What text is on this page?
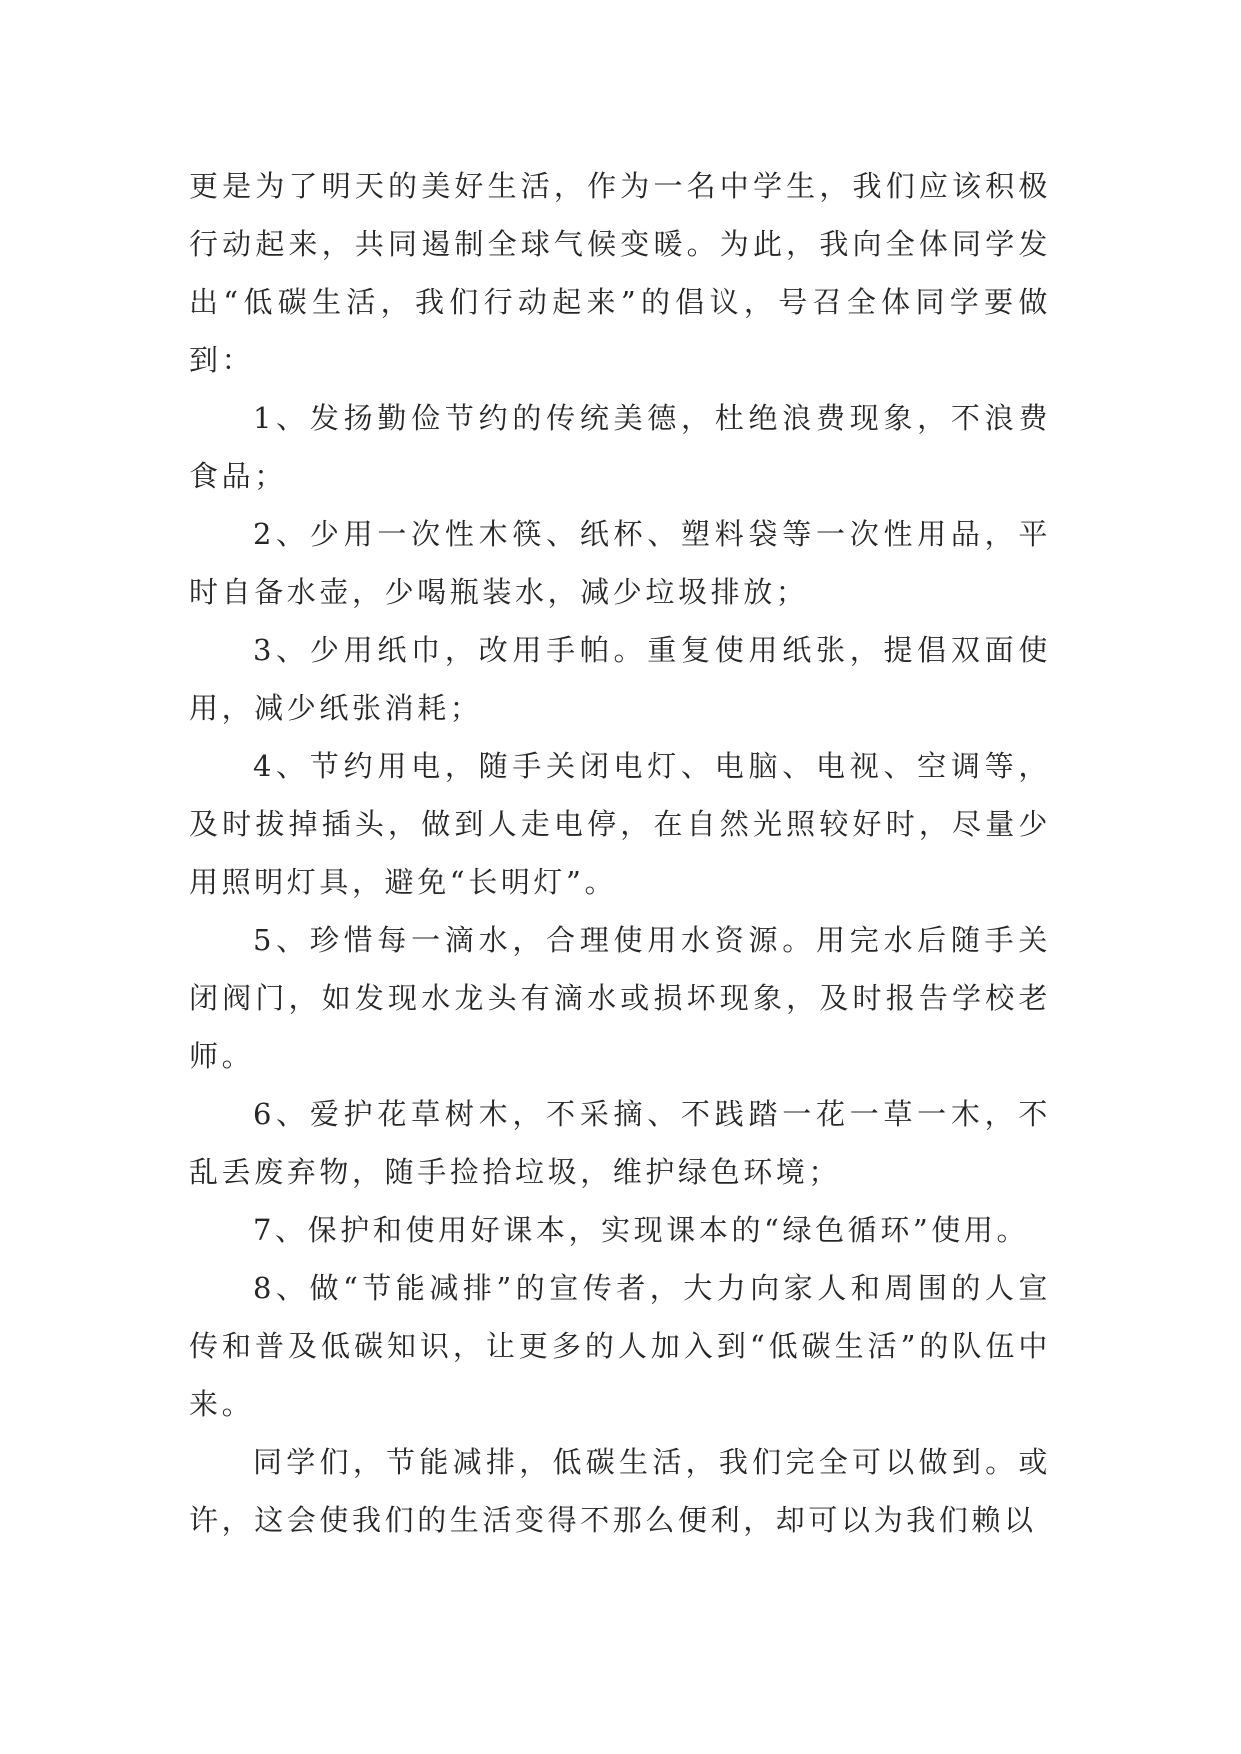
更是为了明天的美好生活，作为一名中学生，我们应该积极行动起来，共同遏制全球气候变暖。为此，我向全体同学发出“低碳生活，我们行动起来”的倡议，号召全体同学要做到：

1、发扬勤俭节约的传统美德，杜绝浪费现象，不浪费食品；

2、少用一次性木筷、纸杯、塑料袋等一次性用品，平时自备水壶，少喝瓶装水，减少垃圾排放；

3、少用纸巾，改用手帕。重复使用纸张，提倡双面使用，减少纸张消耗；

4、节约用电，随手关闭电灯、电脑、电视、空调等，及时拔掉插头，做到人走电停，在自然光照较好时，尽量少用照明灯具，避免“长明灯”。

5、珍惜每一滴水，合理使用水资源。用完水后随手关闭阀门，如发现水龙头有滴水或损坏现象，及时报告学校老师。

6、爱护花草树木，不采摘、不践踏一花一草一木，不乱丢废弃物，随手捡拾垃圾，维护绿色环境；

7、保护和使用好课本，实现课本的“绿色循环”使用。

8、做“节能减排”的宣传者，大力向家人和周围的人宣传和普及低碳知识，让更多的人加入到“低碳生活”的队伍中来。

同学们，节能减排，低碳生活，我们完全可以做到。或许，这会使我们的生活变得不那么便利，却可以为我们赖以
